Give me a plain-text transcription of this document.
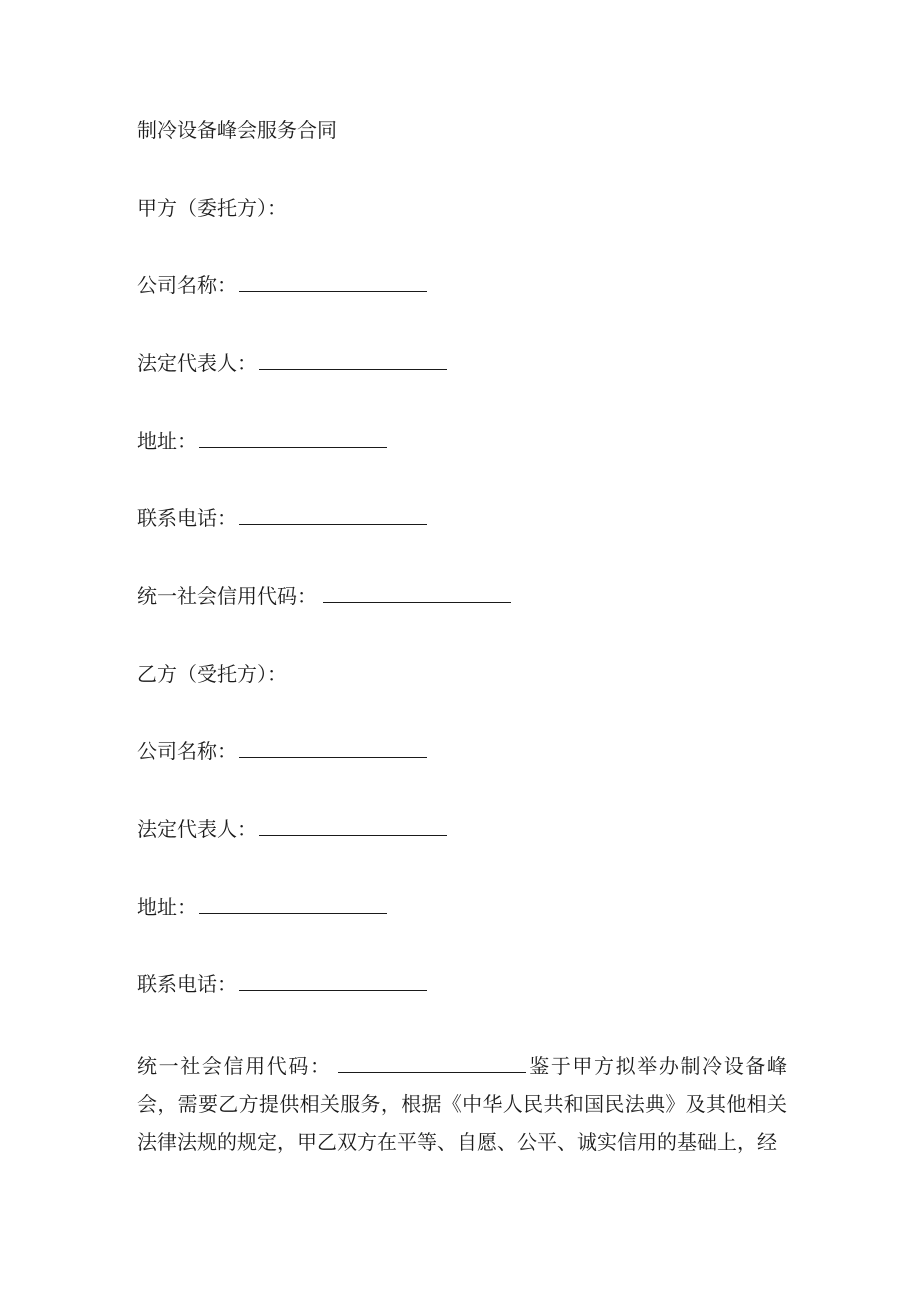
制冷设备峰会服务合同
甲方（委托方）：
公司名称：
法定代表人：
地址：
联系电话：
统一社会信用代码：
乙方（受托方）：
公司名称：
法定代表人：
地址：
联系电话：
统一社会信用代码：	鉴于甲方拟举办制冷设备峰会，需要乙方提供相关服务，根据《中华人民共和国民法典》及其他相关法律法规的规定，甲乙双方在平等、自愿、公平、诚实信用的基础上，经
